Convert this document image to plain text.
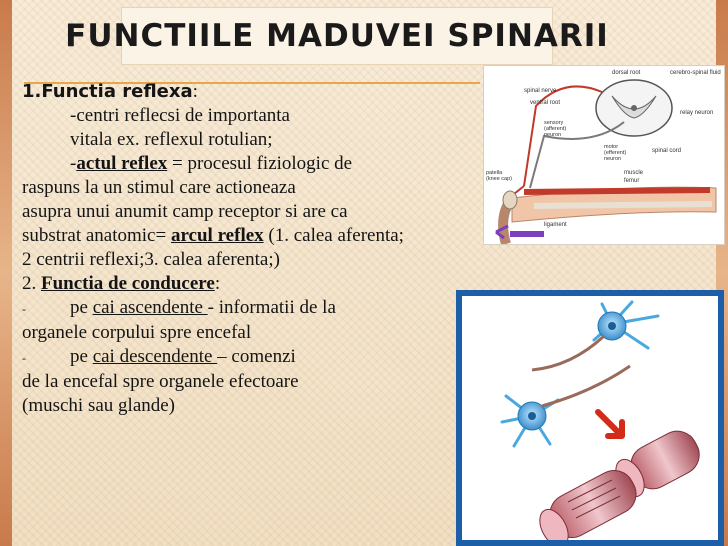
FUNCTIILE MADUVEI SPINARII
1.Functia reflexa:
-centri reflecsi de importanta
vitala ex. reflexul rotulian;
-actul reflex = procesul fiziologic de
raspuns la un stimul care actioneaza
asupra unui anumit camp receptor si are ca
substrat anatomic= arcul reflex (1. calea aferenta;
2 centrii reflexi;3. calea aferenta;)
2. Functia de conducere:
- pe cai ascendente - informatii de la
organele corpului spre encefal
- pe cai descendente – comenzi
de la encefal spre organele efectoare
(muschi sau glande)
dorsal root	cerebro-spinal fluid
spinal nerve
ventral root
relay neuron
sensory
(afferent)
neuron
motor
(efferent)
neuron
spinal cord
patella
(knee cap)
muscle
femur
ligament
